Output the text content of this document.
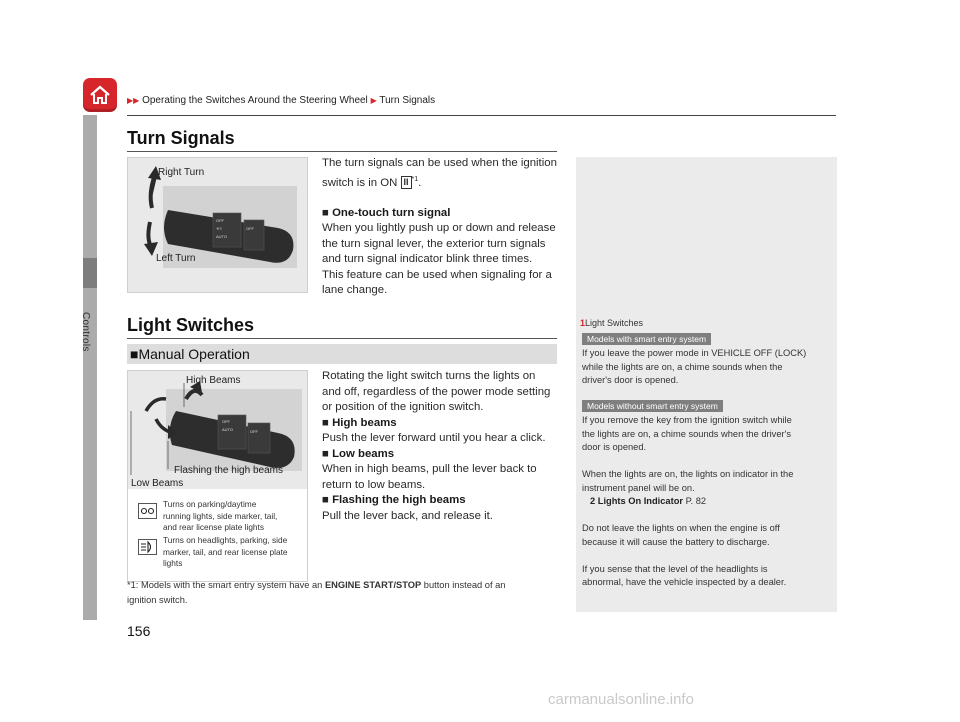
Controls
▶▶ Operating the Switches Around the Steering Wheel ▶ Turn Signals
Turn Signals
OFF
☀≡
AUTO
OFF
Right Turn
Left Turn
The turn signals can be used when the ignition
switch is in ON II $^{*1}$.
■ One-touch turn signal
When you lightly push up or down and release
the turn signal lever, the exterior turn signals
and turn signal indicator blink three times.
This feature can be used when signaling for a
lane change.
Light Switches
■Manual Operation
OFF
AUTO	OFF
High Beams
Flashing the high beams
Low Beams
Turns on parking/daytime
running lights, side marker, tail,
and rear license plate lights
Turns on headlights, parking, side
marker, tail, and rear license plate
lights
Rotating the light switch turns the lights on
and off, regardless of the power mode setting
or position of the ignition switch.
■ High beams
Push the lever forward until you hear a click.
■ Low beams
When in high beams, pull the lever back to
return to low beams.
■ Flashing the high beams
Pull the lever back, and release it.
*1: Models with the smart entry system have an ENGINE START/STOP button instead of an
ignition switch.
1Light Switches
Models with smart entry system
If you leave the power mode in VEHICLE OFF (LOCK)
while the lights are on, a chime sounds when the
driver's door is opened.
Models without smart entry system
If you remove the key from the ignition switch while
the lights are on, a chime sounds when the driver's
door is opened.
When the lights are on, the lights on indicator in the
instrument panel will be on.
2 Lights On Indicator P. 82
Do not leave the lights on when the engine is off
because it will cause the battery to discharge.
If you sense that the level of the headlights is
abnormal, have the vehicle inspected by a dealer.
156
carmanualsonline.info
